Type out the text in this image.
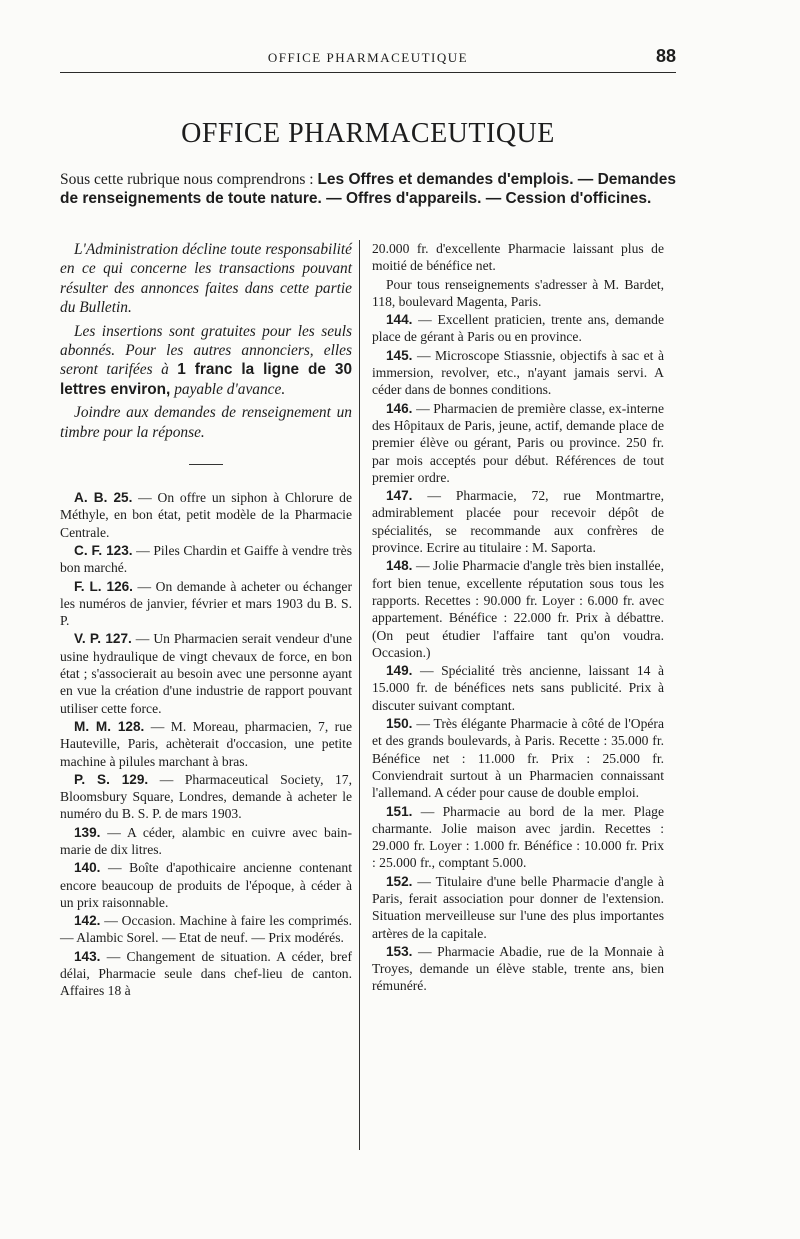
OFFICE PHARMACEUTIQUE	88
OFFICE PHARMACEUTIQUE

Sous cette rubrique nous comprendrons : Les Offres et demandes d'emplois. — Demandes de renseignements de toute nature. — Offres d'appareils. — Cession d'officines.

L'Administration décline toute responsabilité en ce qui concerne les transactions pouvant résulter des annonces faites dans cette partie du Bulletin.

Les insertions sont gratuites pour les seuls abonnés. Pour les autres annonciers, elles seront tarifées à 1 franc la ligne de 30 lettres environ, payable d'avance.

Joindre aux demandes de renseignement un timbre pour la réponse.

A. B. 25. — On offre un siphon à Chlorure de Méthyle, en bon état, petit modèle de la Pharmacie Centrale.

C. F. 123. — Piles Chardin et Gaiffe à vendre très bon marché.

F. L. 126. — On demande à acheter ou échanger les numéros de janvier, février et mars 1903 du B. S. P.

V. P. 127. — Un Pharmacien serait vendeur d'une usine hydraulique de vingt chevaux de force, en bon état ; s'associerait au besoin avec une personne ayant en vue la création d'une industrie de rapport pouvant utiliser cette force.

M. M. 128. — M. Moreau, pharmacien, 7, rue Hauteville, Paris, achèterait d'occasion, une petite machine à pilules marchant à bras.

P. S. 129. — Pharmaceutical Society, 17, Bloomsbury Square, Londres, demande à acheter le numéro du B. S. P. de mars 1903.

139. — A céder, alambic en cuivre avec bain-marie de dix litres.

140. — Boîte d'apothicaire ancienne contenant encore beaucoup de produits de l'époque, à céder à un prix raisonnable.

142. — Occasion. Machine à faire les comprimés. — Alambic Sorel. — Etat de neuf. — Prix modérés.

143. — Changement de situation. A céder, bref délai, Pharmacie seule dans chef-lieu de canton. Affaires 18 à

20.000 fr. d'excellente Pharmacie laissant plus de moitié de bénéfice net.

Pour tous renseignements s'adresser à M. Bardet, 118, boulevard Magenta, Paris.

144. — Excellent praticien, trente ans, demande place de gérant à Paris ou en province.

145. — Microscope Stiassnie, objectifs à sac et à immersion, revolver, etc., n'ayant jamais servi. A céder dans de bonnes conditions.

146. — Pharmacien de première classe, ex-interne des Hôpitaux de Paris, jeune, actif, demande place de premier élève ou gérant, Paris ou province. 250 fr. par mois acceptés pour début. Références de tout premier ordre.

147. — Pharmacie, 72, rue Montmartre, admirablement placée pour recevoir dépôt de spécialités, se recommande aux confrères de province. Ecrire au titulaire : M. Saporta.

148. — Jolie Pharmacie d'angle très bien installée, fort bien tenue, excellente réputation sous tous les rapports. Recettes : 90.000 fr. Loyer : 6.000 fr. avec appartement. Bénéfice : 22.000 fr. Prix à débattre. (On peut étudier l'affaire tant qu'on voudra. Occasion.)

149. — Spécialité très ancienne, laissant 14 à 15.000 fr. de bénéfices nets sans publicité. Prix à discuter suivant comptant.

150. — Très élégante Pharmacie à côté de l'Opéra et des grands boulevards, à Paris. Recette : 35.000 fr. Bénéfice net : 11.000 fr. Prix : 25.000 fr. Conviendrait surtout à un Pharmacien connaissant l'allemand. A céder pour cause de double emploi.

151. — Pharmacie au bord de la mer. Plage charmante. Jolie maison avec jardin. Recettes : 29.000 fr. Loyer : 1.000 fr. Bénéfice : 10.000 fr. Prix : 25.000 fr., comptant 5.000.

152. — Titulaire d'une belle Pharmacie d'angle à Paris, ferait association pour donner de l'extension. Situation merveilleuse sur l'une des plus importantes artères de la capitale.

153. — Pharmacie Abadie, rue de la Monnaie à Troyes, demande un élève stable, trente ans, bien rémunéré.
